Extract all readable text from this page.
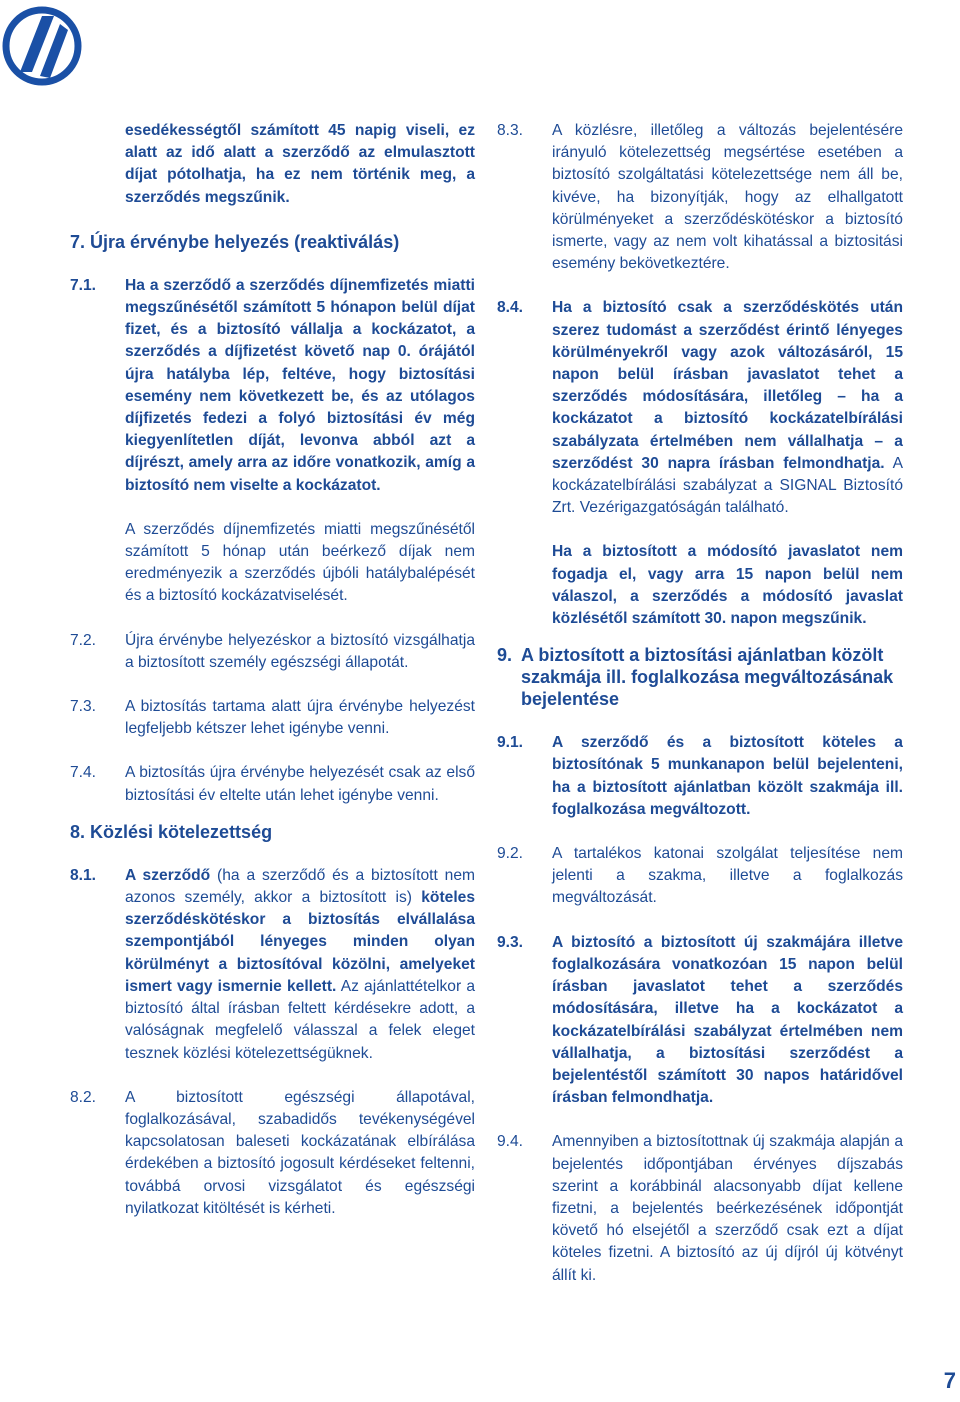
esedékességtől számított 45 napig viseli, ez alatt az idő alatt a szerződő az elmulasztott díjat pótolhatja, ha ez nem történik meg, a szerződés megszűnik.
7. Újra érvénybe helyezés (reaktiválás)
7.1.	Ha a szerződő a szerződés díjnemfizetés miatti megszűnésétől számított 5 hónapon belül díjat fizet, és a biztosító vállalja a kockázatot, a szerződés a díjfizetést követő nap 0. órájától újra hatályba lép, feltéve, hogy biztosítási esemény nem következett be, és az utólagos díjfizetés fedezi a folyó biztosítási év még kiegyenlítetlen díját, levonva abból azt a díjrészt, amely arra az időre vonatkozik, amíg a biztosító nem viselte a kockázatot.
A szerződés díjnemfizetés miatti megszűnésétől számított 5 hónap után beérkező díjak nem eredményezik a szerződés újbóli hatálybalépését és a biztosító kockázatviselését.
7.2.	Újra érvénybe helyezéskor a biztosító vizsgálhatja a biztosított személy egészségi állapotát.
7.3.	A biztosítás tartama alatt újra érvénybe helyezést legfeljebb kétszer lehet igénybe venni.
7.4.	A biztosítás újra érvénybe helyezését csak az első biztosítási év eltelte után lehet igénybe venni.
8. Közlési kötelezettség
8.1.	A szerződő (ha a szerződő és a biztosított nem azonos személy, akkor a biztosított is) köteles szerződéskötéskor a biztosítás elvállalása szempontjából lényeges minden olyan körülményt a biztosítóval közölni, amelyeket ismert vagy ismernie kellett. Az ajánlattételkor a biztosító által írásban feltett kérdésekre adott, a valóságnak megfelelő válasszal a felek eleget tesznek közlési kötelezettségüknek.
8.2.	A biztosított egészségi állapotával, foglalkozásával, szabadidős tevékenységével kapcsolatosan baleseti kockázatának elbírálása érdekében a biztosító jogosult kérdéseket feltenni, továbbá orvosi vizsgálatot és egészségi nyilatkozat kitöltését is kérheti.
8.3.	A közlésre, illetőleg a változás bejelentésére irányuló kötelezettség megsértése esetében a biztosító szolgáltatási kötelezettsége nem áll be, kivéve, ha bizonyítják, hogy az elhallgatott körülményeket a szerződéskötéskor a biztosító ismerte, vagy az nem volt kihatással a biztositási esemény bekövetkeztére.
8.4.	Ha a biztosító csak a szerződéskötés után szerez tudomást a szerződést érintő lényeges körülményekről vagy azok változásáról, 15 napon belül írásban javaslatot tehet a szerződés módosítására, illetőleg – ha a kockázatot a biztosító kockázatelbírálási szabályzata értelmében nem vállalhatja – a szerződést 30 napra írásban felmondhatja. A kockázatelbírálási szabályzat a SIGNAL Biztosító Zrt. Vezérigazgatóságán található.
Ha a biztosított a módosító javaslatot nem fogadja el, vagy arra 15 napon belül nem válaszol, a szerződés a módosító javaslat közlésétől számított 30. napon megszűnik.
9. A biztosított a biztosítási ajánlatban közölt szakmája ill. foglalkozása megváltozásának bejelentése
9.1.	A szerződő és a biztosított köteles a biztosítónak 5 munkanapon belül bejelenteni, ha a biztosított ajánlatban közölt szakmája ill. foglalkozása megváltozott.
9.2.	A tartalékos katonai szolgálat teljesítése nem jelenti a szakma, illetve a foglalkozás megváltozását.
9.3.	A biztosító a biztosított új szakmájára illetve foglalkozására vonatkozóan 15 napon belül írásban javaslatot tehet a szerződés módosítására, illetve ha a kockázatot a kockázatelbírálási szabályzat értelmében nem vállalhatja, a biztosítási szerződést a bejelentéstől számított 30 napos határidővel írásban felmondhatja.
9.4.	Amennyiben a biztosítottnak új szakmája alapján a bejelentés időpontjában érvényes díjszabás szerint a korábbinál alacsonyabb díjat kellene fizetni, a bejelentés beérkezésének időpontját követő hó elsejétől a szerződő csak ezt a díjat köteles fizetni. A biztosító az új díjról új kötvényt állít ki.
7
